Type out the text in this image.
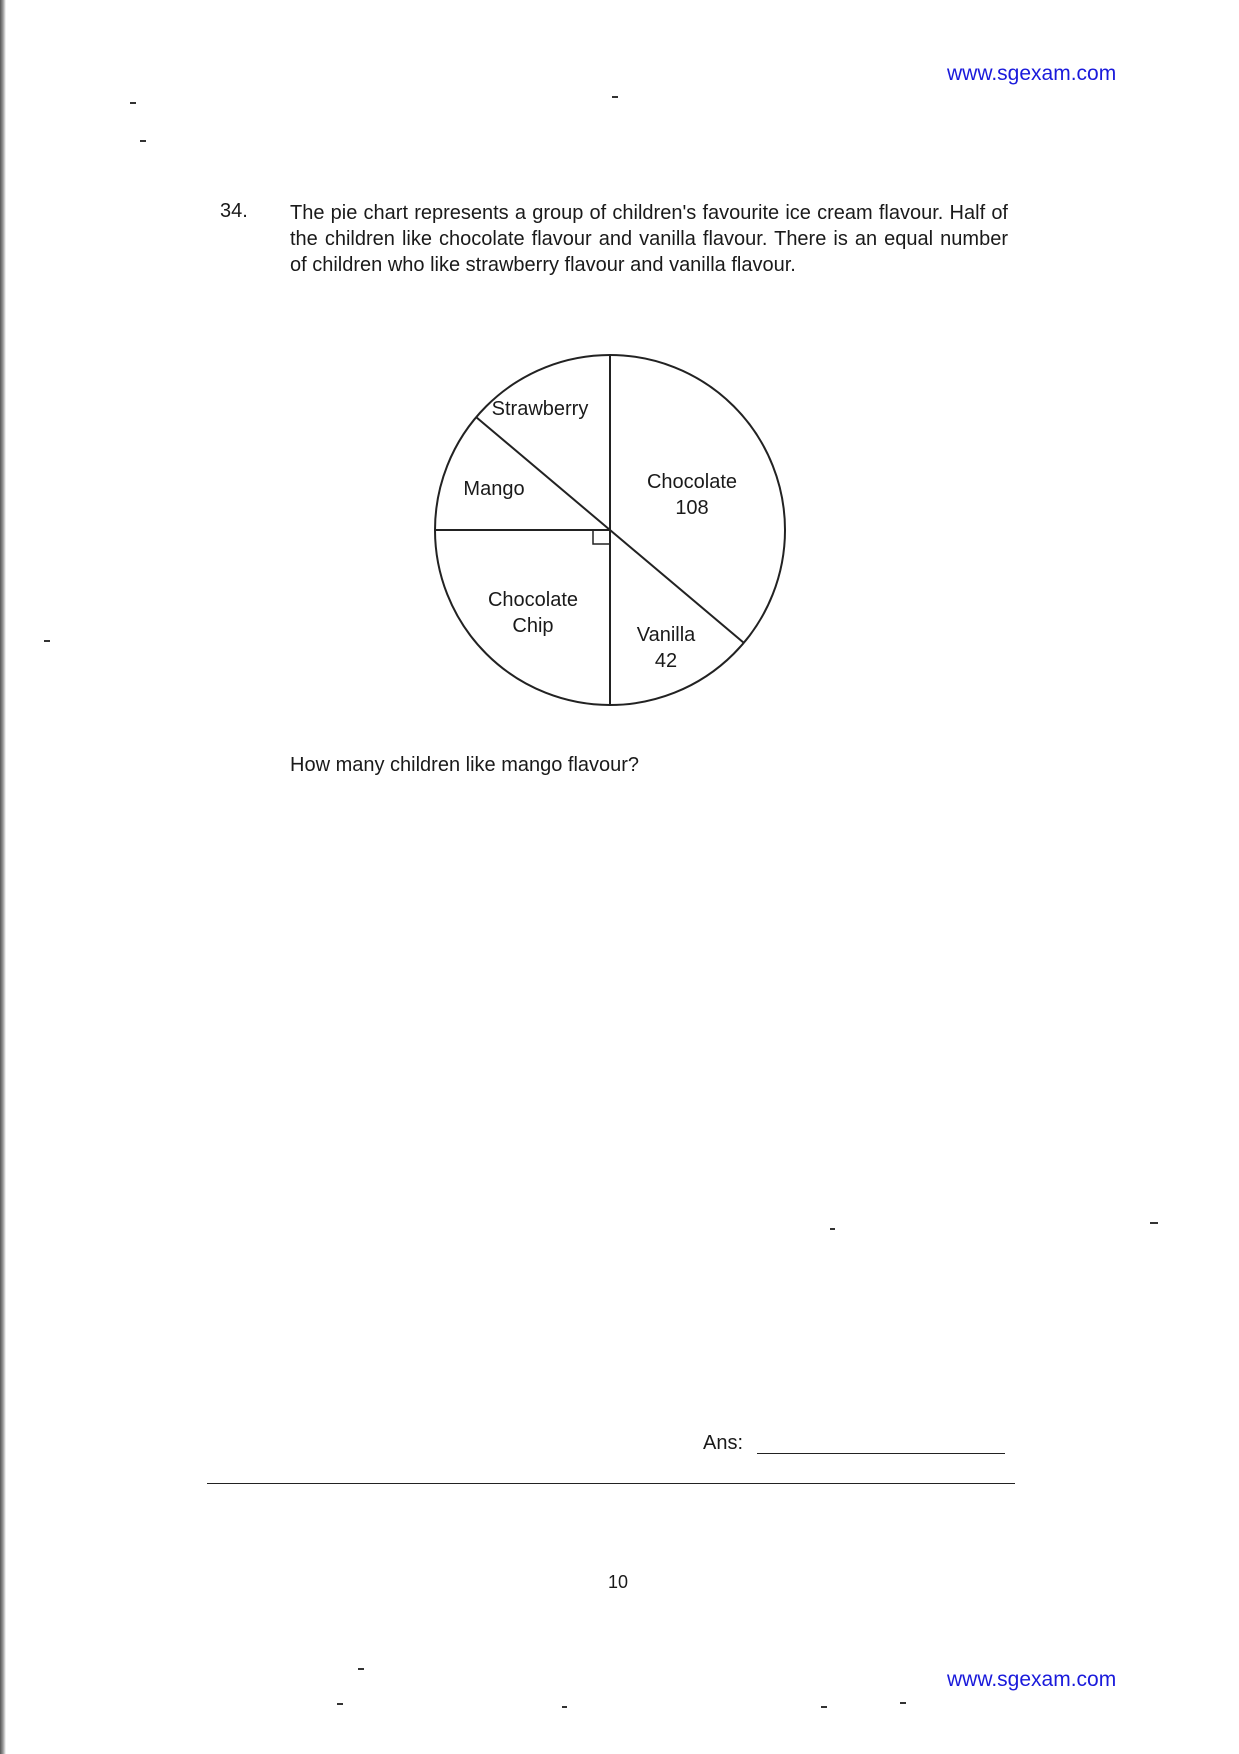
www.sgexam.com
34. The pie chart represents a group of children's favourite ice cream flavour. Half of the children like chocolate flavour and vanilla flavour. There is an equal number of children who like strawberry flavour and vanilla flavour.
Strawberry
Mango	Chocolate
108
Chocolate
Chip	Vanilla
42
How many children like mango flavour?
Ans:
10
www.sgexam.com
